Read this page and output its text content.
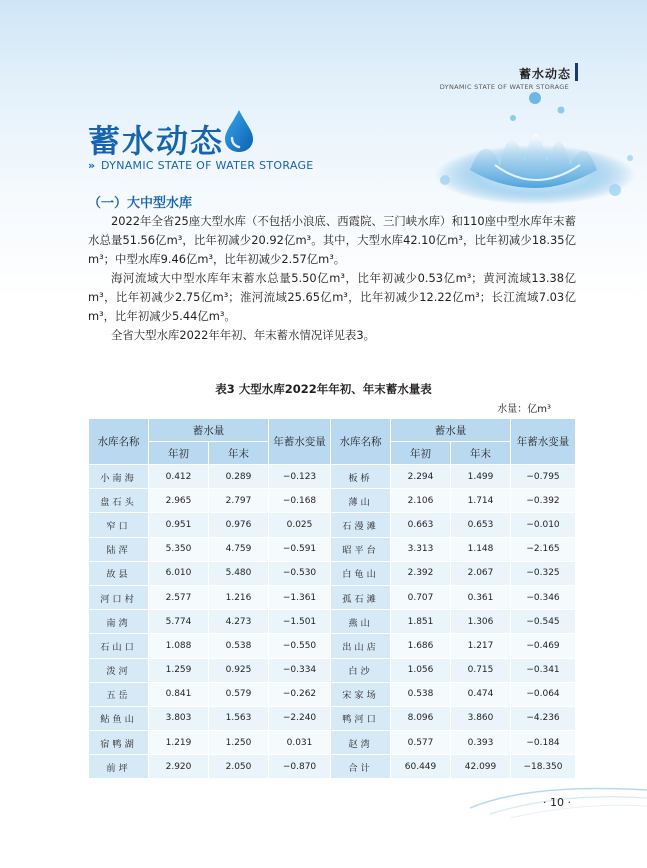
蓄水动态
DYNAMIC STATE OF WATER STORAGE
蓄水动态
» DYNAMIC STATE OF WATER STORAGE
（一）大中型水库
2022年全省25座大型水库（不包括小浪底、西霞院、三门峡水库）和110座中型水库年末蓄水总量51.56亿m³，比年初减少20.92亿m³。其中，大型水库42.10亿m³，比年初减少18.35亿m³；中型水库9.46亿m³，比年初减少2.57亿m³。
海河流域大中型水库年末蓄水总量5.50亿m³，比年初减少0.53亿m³；黄河流域13.38亿m³，比年初减少2.75亿m³；淮河流域25.65亿m³，比年初减少12.22亿m³；长江流域7.03亿m³，比年初减少5.44亿m³。
全省大型水库2022年年初、年末蓄水情况详见表3。
表3 大型水库2022年年初、年末蓄水量表
水量：亿m³
水库名称	蓄水量		年蓄水变量	水库名称	蓄水量		年蓄水变量
	年初	年末			年初	年末	
小南海	0.412	0.289	−0.123	板桥	2.294	1.499	−0.795
盘石头	2.965	2.797	−0.168	薄山	2.106	1.714	−0.392
窄口	0.951	0.976	0.025	石漫滩	0.663	0.653	−0.010
陆浑	5.350	4.759	−0.591	昭平台	3.313	1.148	−2.165
故县	6.010	5.480	−0.530	白龟山	2.392	2.067	−0.325
河口村	2.577	1.216	−1.361	孤石滩	0.707	0.361	−0.346
南湾	5.774	4.273	−1.501	燕山	1.851	1.306	−0.545
石山口	1.088	0.538	−0.550	出山店	1.686	1.217	−0.469
泼河	1.259	0.925	−0.334	白沙	1.056	0.715	−0.341
五岳	0.841	0.579	−0.262	宋家场	0.538	0.474	−0.064
鲇鱼山	3.803	1.563	−2.240	鸭河口	8.096	3.860	−4.236
宿鸭湖	1.219	1.250	0.031	赵湾	0.577	0.393	−0.184
前坪	2.920	2.050	−0.870	合计	60.449	42.099	−18.350
· 10 ·
